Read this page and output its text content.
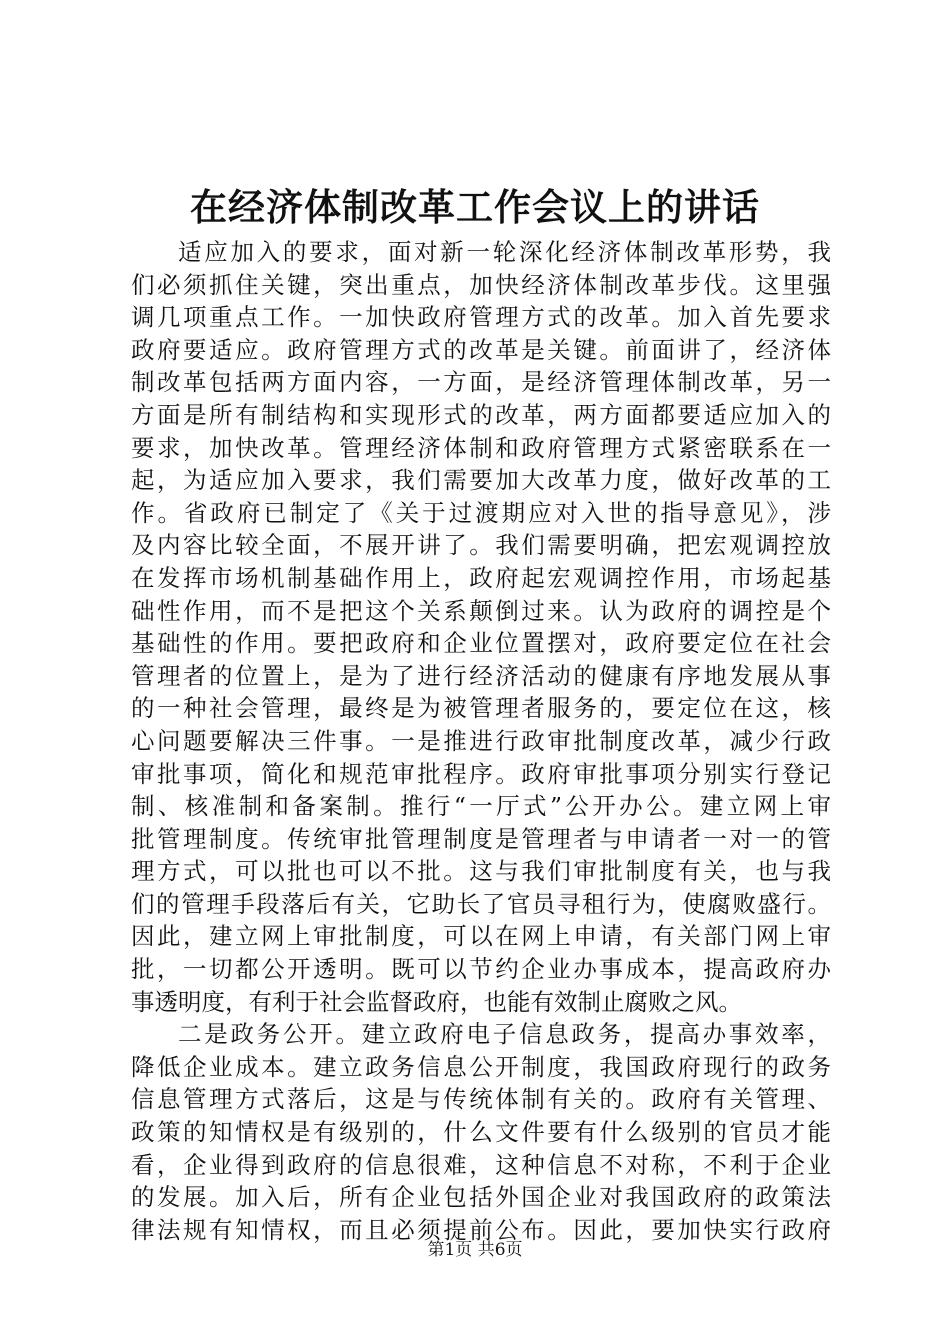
在经济体制改革工作会议上的讲话
适应加入的要求，面对新一轮深化经济体制改革形势，我
们必须抓住关键，突出重点，加快经济体制改革步伐。这里强
调几项重点工作。一加快政府管理方式的改革。加入首先要求
政府要适应。政府管理方式的改革是关键。前面讲了，经济体
制改革包括两方面内容，一方面，是经济管理体制改革，另一
方面是所有制结构和实现形式的改革，两方面都要适应加入的
要求，加快改革。管理经济体制和政府管理方式紧密联系在一
起，为适应加入要求，我们需要加大改革力度，做好改革的工
作。省政府已制定了《关于过渡期应对入世的指导意见》，涉
及内容比较全面，不展开讲了。我们需要明确，把宏观调控放
在发挥市场机制基础作用上，政府起宏观调控作用，市场起基
础性作用，而不是把这个关系颠倒过来。认为政府的调控是个
基础性的作用。要把政府和企业位置摆对，政府要定位在社会
管理者的位置上，是为了进行经济活动的健康有序地发展从事
的一种社会管理，最终是为被管理者服务的，要定位在这，核
心问题要解决三件事。一是推进行政审批制度改革，减少行政
审批事项，简化和规范审批程序。政府审批事项分别实行登记
制、核准制和备案制。推行“一厅式”公开办公。建立网上审
批管理制度。传统审批管理制度是管理者与申请者一对一的管
理方式，可以批也可以不批。这与我们审批制度有关，也与我
们的管理手段落后有关，它助长了官员寻租行为，使腐败盛行。
因此，建立网上审批制度，可以在网上申请，有关部门网上审
批，一切都公开透明。既可以节约企业办事成本，提高政府办
事透明度，有利于社会监督政府，也能有效制止腐败之风。
二是政务公开。建立政府电子信息政务，提高办事效率，
降低企业成本。建立政务信息公开制度，我国政府现行的政务
信息管理方式落后，这是与传统体制有关的。政府有关管理、
政策的知情权是有级别的，什么文件要有什么级别的官员才能
看，企业得到政府的信息很难，这种信息不对称，不利于企业
的发展。加入后，所有企业包括外国企业对我国政府的政策法
律法规有知情权，而且必须提前公布。因此，要加快实行政府
第1页 共6页
